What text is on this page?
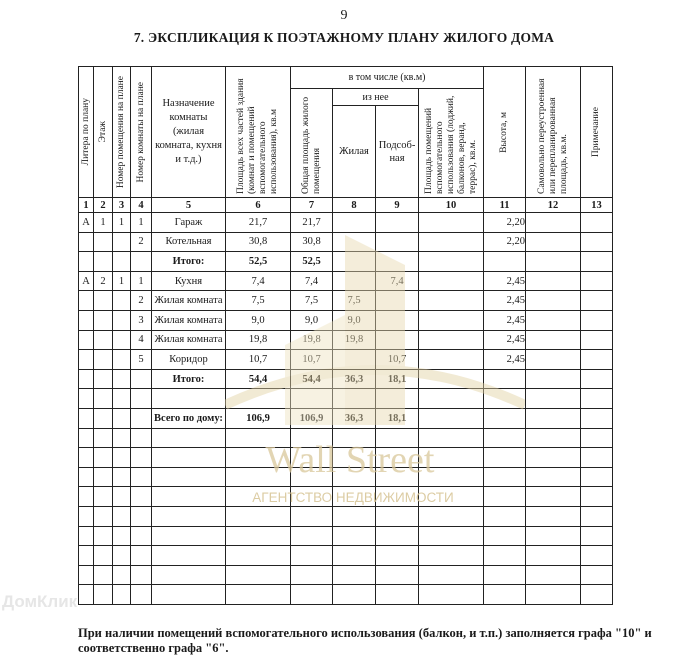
9
7. ЭКСПЛИКАЦИЯ К ПОЭТАЖНОМУ ПЛАНУ ЖИЛОГО ДОМА
Литера по плану	Этаж	Номер помещения на плане	Номер комнаты на плане	Назначение комнаты (жилая комната, кухня и т.д.)	Площадь всех частей здания (комнат и помещений вспомогательного использования), кв.м	в том числе (кв.м)				Высота, м	Самовольно переустроенная или перепланированная площадь, кв.м.	Примечание

						Общая площадь жилого помещения	из нее		Площадь помещений вспомогательного использования (лоджий, балконов, веранд, террас), кв.м.			

							Жилая	Подсоб-ная				
1	2	3	4	5	6	7	8	9	10	11	12	13
А	1	1	1	Гараж	21,7	21,7				2,20		
			2	Котельная	30,8	30,8				2,20		
				Итого:	52,5	52,5						
А	2	1	1	Кухня	7,4	7,4		7,4		2,45		
			2	Жилая комната	7,5	7,5	7,5			2,45		
			3	Жилая комната	9,0	9,0	9,0			2,45		
			4	Жилая комната	19,8	19,8	19,8			2,45		
			5	Коридор	10,7	10,7		10,7		2,45		
				Итого:	54,4	54,4	36,3	18,1				

				Всего по дому:	106,9	106,9	36,3	18,1				

Wall Street
АГЕНТСТВО НЕДВИЖИМОСТИ
ДомКлик
При наличии помещений вспомогательного использования (балкон, и т.п.) заполняется графа "10" и соответственно графа "6".
